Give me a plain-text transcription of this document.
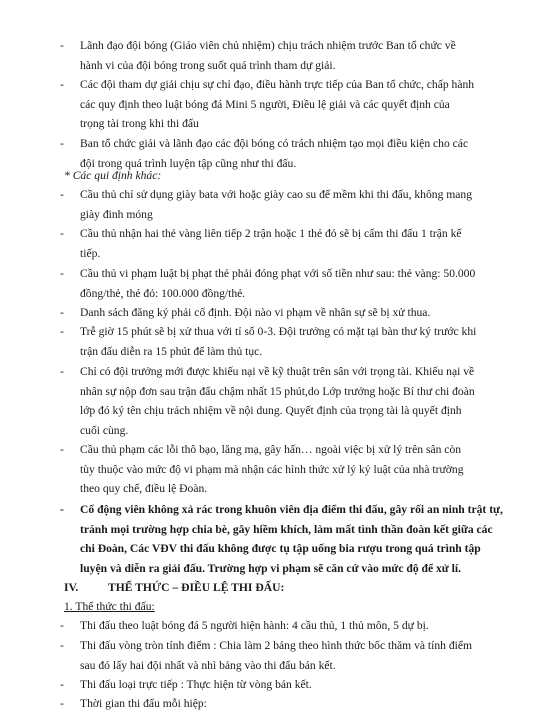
- Lãnh đạo đội bóng (Giáo viên chủ nhiệm) chịu trách nhiệm trước Ban tổ chức về
hành vi của đội bóng trong suốt quá trình tham dự giải.
- Các đội tham dự giải chịu sự chỉ đạo, điều hành trực tiếp của Ban tổ chức, chấp hành
các quy định theo luật bóng đá Mini 5 người, Điều lệ giải và các quyết định của
trọng tài trong khi thi đấu
- Ban tổ chức giải và lãnh đạo các đội bóng có trách nhiệm tạo mọi điều kiện cho các
đội trong quá trình luyện tập cũng như thi đấu.
* Các qui định khác:
- Cầu thủ chỉ sử dụng giày bata với hoặc giày cao su đế mềm khi thi đấu, không mang
giày đinh móng
- Cầu thủ nhận hai thẻ vàng liên tiếp 2 trận hoặc 1 thẻ đỏ sẽ bị cấm thi đấu 1 trận kế
tiếp.
- Cầu thủ vi phạm luật bị phạt thẻ phải đóng phạt với số tiền như sau: thẻ vàng: 50.000
đồng/thẻ, thẻ đỏ: 100.000 đồng/thẻ.
- Danh sách đăng ký phải cố định. Đội nào vi phạm về nhân sự sẽ bị xử thua.
- Trễ giờ 15 phút sẽ bị xử thua với tỉ số 0-3. Đội trưởng có mặt tại bàn thư ký trước khi
trận đấu diễn ra 15 phút để làm thủ tục.
- Chỉ có đội trưởng mới được khiếu nại về kỹ thuật trên sân với trọng tài. Khiếu nại về
nhân sự nộp đơn sau trận đấu chậm nhất 15 phút,do Lớp trưởng hoặc Bí thư chi đoàn
lớp đó ký tên chịu trách nhiệm về nội dung. Quyết định của trọng tài là quyết định
cuối cùng.
- Cầu thủ phạm các lỗi thô bạo, lăng mạ, gây hấn… ngoài việc bị xử lý trên sân còn
tùy thuộc vào mức độ vi phạm mà nhận các hình thức xử lý kỷ luật của nhà trường
theo quy chế, điều lệ Đoàn.
- Cổ động viên không xả rác trong khuôn viên địa điểm thi đấu, gây rối an ninh trật tự,
tránh mọi trường hợp chia bè, gây hiềm khích, làm mất tình thần đoàn kết giữa các
chi Đoàn, Các VĐV thi đấu không được tụ tập uống bia rượu trong quá trình tập
luyện và diễn ra giải đấu. Trường hợp vi phạm sẽ căn cứ vào mức độ để xử lí.
IV.	THỂ THỨC – ĐIỀU LỆ THI ĐẤU:
1. Thể thức thi đấu:
- Thi đấu theo luật bóng đá 5 người hiện hành: 4 cầu thủ, 1 thủ môn, 5 dự bị.
- Thi đấu vòng tròn tính điểm : Chia làm 2 bảng theo hình thức bốc thăm và tính điểm
sau đó lấy hai đội nhất và nhì bảng vào thi đấu bán kết.
- Thi đấu loại trực tiếp : Thực hiện từ vòng bán kết.
- Thời gian thi đấu mỗi hiệp:
